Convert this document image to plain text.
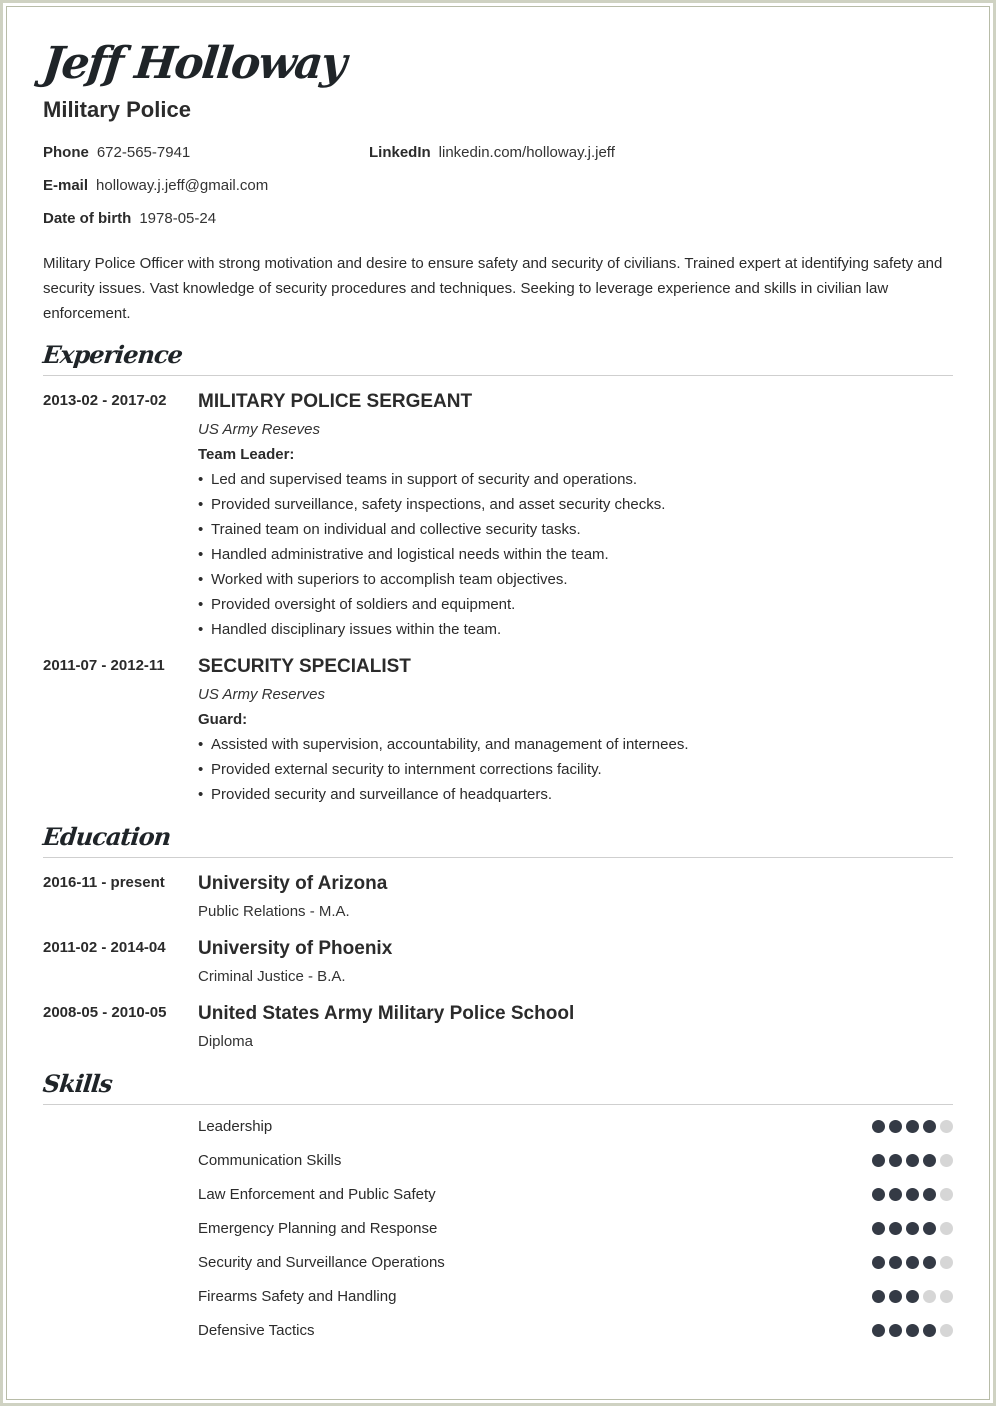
Jeff Holloway
Military Police
Phone 672-565-7941	LinkedIn linkedin.com/holloway.j.jeff
E-mail holloway.j.jeff@gmail.com
Date of birth 1978-05-24

Military Police Officer with strong motivation and desire to ensure safety and security of civilians. Trained expert at identifying safety and security issues. Vast knowledge of security procedures and techniques. Seeking to leverage experience and skills in civilian law enforcement.

Experience
2013-02 - 2017-02 MILITARY POLICE SERGEANT
US Army Reseves
Team Leader:
• Led and supervised teams in support of security and operations.
• Provided surveillance, safety inspections, and asset security checks.
• Trained team on individual and collective security tasks.
• Handled administrative and logistical needs within the team.
• Worked with superiors to accomplish team objectives.
• Provided oversight of soldiers and equipment.
• Handled disciplinary issues within the team.
2011-07 - 2012-11 SECURITY SPECIALIST
US Army Reserves
Guard:
• Assisted with supervision, accountability, and management of internees.
• Provided external security to internment corrections facility.
• Provided security and surveillance of headquarters.
Education
2016-11 - present University of Arizona
Public Relations - M.A.
2011-02 - 2014-04 University of Phoenix
Criminal Justice - B.A.
2008-05 - 2010-05 United States Army Military Police School
Diploma
Skills
Leadership
Communication Skills
Law Enforcement and Public Safety
Emergency Planning and Response
Security and Surveillance Operations
Firearms Safety and Handling
Defensive Tactics
